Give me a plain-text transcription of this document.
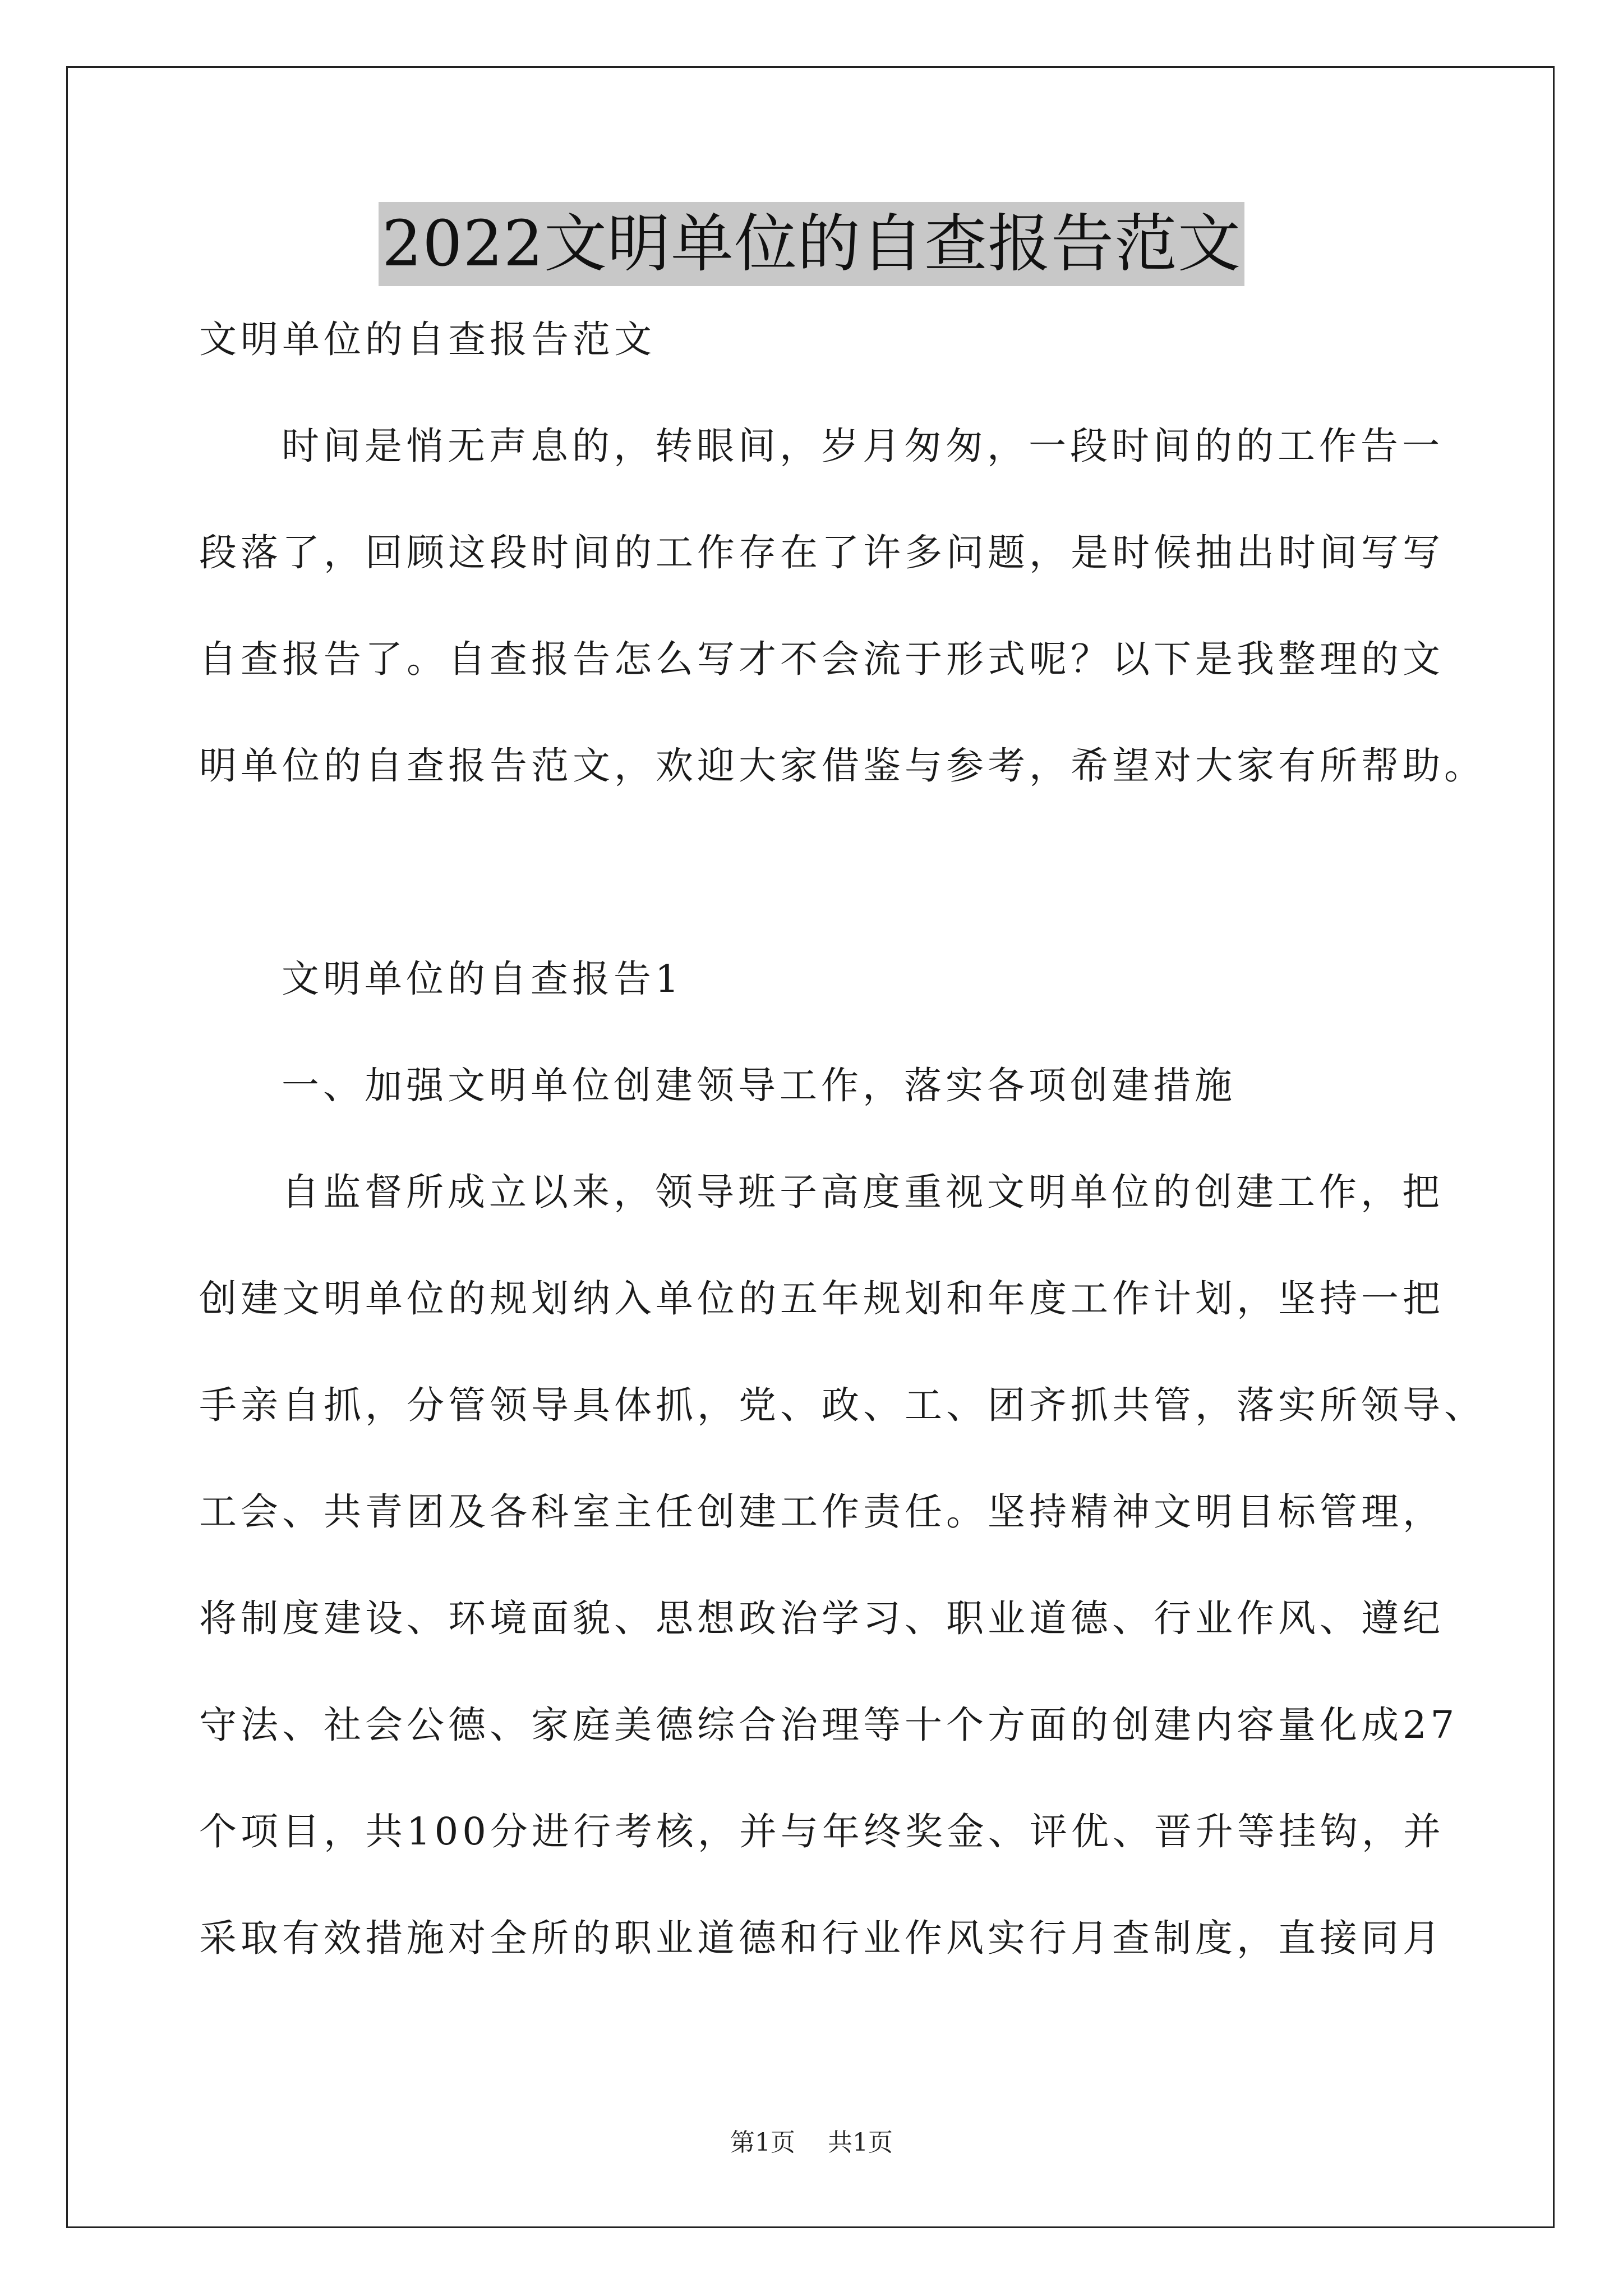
2022文明单位的自查报告范文
文明单位的自查报告范文
时间是悄无声息的，转眼间，岁月匆匆，一段时间的的工作告一
段落了，回顾这段时间的工作存在了许多问题，是时候抽出时间写写
自查报告了。自查报告怎么写才不会流于形式呢？以下是我整理的文
明单位的自查报告范文，欢迎大家借鉴与参考，希望对大家有所帮助。
文明单位的自查报告1
一、加强文明单位创建领导工作，落实各项创建措施
自监督所成立以来，领导班子高度重视文明单位的创建工作，把
创建文明单位的规划纳入单位的五年规划和年度工作计划，坚持一把
手亲自抓，分管领导具体抓，党、政、工、团齐抓共管，落实所领导、
工会、共青团及各科室主任创建工作责任。坚持精神文明目标管理，
将制度建设、环境面貌、思想政治学习、职业道德、行业作风、遵纪
守法、社会公德、家庭美德综合治理等十个方面的创建内容量化成27
个项目，共100分进行考核，并与年终奖金、评优、晋升等挂钩，并
采取有效措施对全所的职业道德和行业作风实行月查制度，直接同月
第1页 共1页
